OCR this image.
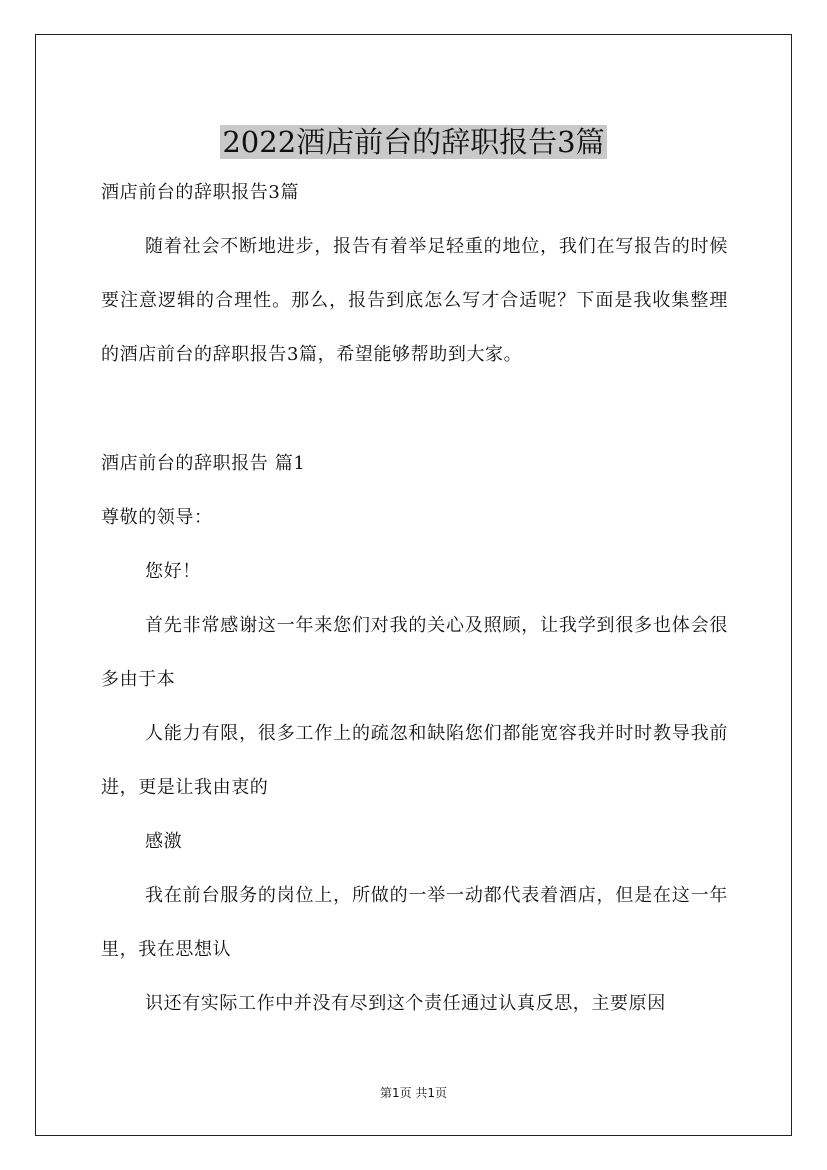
2022酒店前台的辞职报告3篇

酒店前台的辞职报告3篇

随着社会不断地进步，报告有着举足轻重的地位，我们在写报告的时候要注意逻辑的合理性。那么，报告到底怎么写才合适呢？下面是我收集整理的酒店前台的辞职报告3篇，希望能够帮助到大家。

酒店前台的辞职报告 篇1

尊敬的领导：

您好！

首先非常感谢这一年来您们对我的关心及照顾，让我学到很多也体会很多由于本

人能力有限，很多工作上的疏忽和缺陷您们都能宽容我并时时教导我前进，更是让我由衷的

感激

我在前台服务的岗位上，所做的一举一动都代表着酒店，但是在这一年里，我在思想认

识还有实际工作中并没有尽到这个责任通过认真反思，主要原因

第1页 共1页
